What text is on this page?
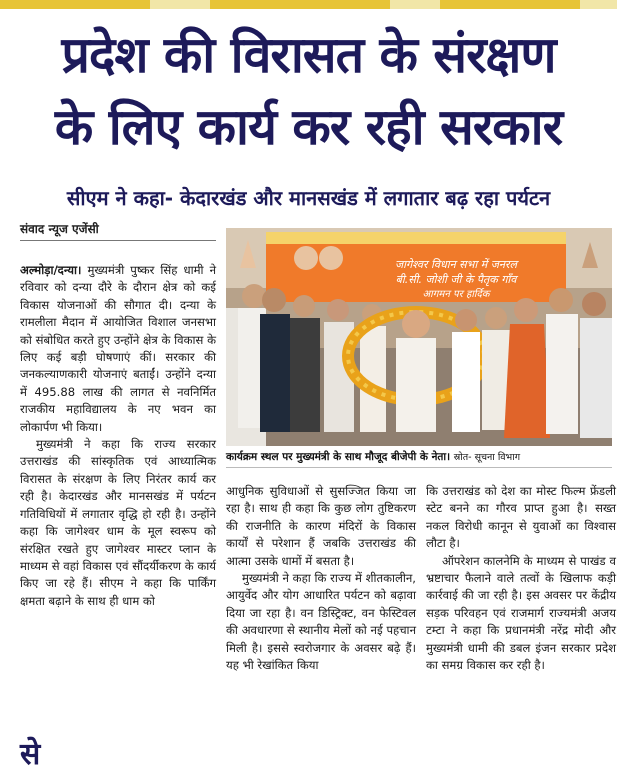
प्रदेश की विरासत के संरक्षण
के लिए कार्य कर रही सरकार
सीएम ने कहा- केदारखंड और मानसखंड में लगातार बढ़ रहा पर्यटन
संवाद न्यूज एजेंसी

अल्मोड़ा/दन्या। मुख्यमंत्री पुष्कर सिंह धामी ने रविवार को दन्या दौरे के दौरान क्षेत्र को कई विकास योजनाओं की सौगात दी। दन्या के रामलीला मैदान में आयोजित विशाल जनसभा को संबोधित करते हुए उन्होंने क्षेत्र के विकास के लिए कई बड़ी घोषणाएं कीं। सरकार की जनकल्याणकारी योजनाएं बताईं। उन्होंने दन्या में 495.88 लाख की लागत से नवनिर्मित राजकीय महाविद्यालय के नए भवन का लोकार्पण भी किया।

मुख्यमंत्री ने कहा कि राज्य सरकार उत्तराखंड की सांस्कृतिक एवं आध्यात्मिक विरासत के संरक्षण के लिए निरंतर कार्य कर रही है। केदारखंड और मानसखंड में पर्यटन गतिविधियों में लगातार वृद्धि हो रही है। उन्होंने कहा कि जागेश्वर धाम के मूल स्वरूप को संरक्षित रखते हुए जागेश्वर मास्टर प्लान के माध्यम से वहां विकास एवं सौंदर्यीकरण के कार्य किए जा रहे हैं। सीएम ने कहा कि पार्किंग क्षमता बढ़ाने के साथ ही धाम को

जागेश्वर विधान सभा में जनरल
बी.सी. जोशी जी के पैतृक गाँव
आगमन पर हार्दिक
कार्यक्रम स्थल पर मुख्यमंत्री के साथ मौजूद बीजेपी के नेता। स्रोत- सूचना विभाग

आधुनिक सुविधाओं से सुसज्जित किया जा रहा है। साथ ही कहा कि कुछ लोग तुष्टिकरण की राजनीति के कारण मंदिरों के विकास कार्यों से परेशान हैं जबकि उत्तराखंड की आत्मा उसके धामों में बसता है।

मुख्यमंत्री ने कहा कि राज्य में शीतकालीन, आयुर्वेद और योग आधारित पर्यटन को बढ़ावा दिया जा रहा है। वन डिस्ट्रिक्ट, वन फेस्टिवल की अवधारणा से स्थानीय मेलों को नई पहचान मिली है। इससे स्वरोजगार के अवसर बढ़े हैं। यह भी रेखांकित किया

कि उत्तराखंड को देश का मोस्ट फिल्म फ्रेंडली स्टेट बनने का गौरव प्राप्त हुआ है। सख्त नकल विरोधी कानून से युवाओं का विश्वास लौटा है।

ऑपरेशन कालनेमि के माध्यम से पाखंड व भ्रष्टाचार फैलाने वाले तत्वों के खिलाफ कड़ी कार्रवाई की जा रही है। इस अवसर पर केंद्रीय सड़क परिवहन एवं राजमार्ग राज्यमंत्री अजय टम्टा ने कहा कि प्रधानमंत्री नरेंद्र मोदी और मुख्यमंत्री धामी की डबल इंजन सरकार प्रदेश का समग्र विकास कर रही है।

से
